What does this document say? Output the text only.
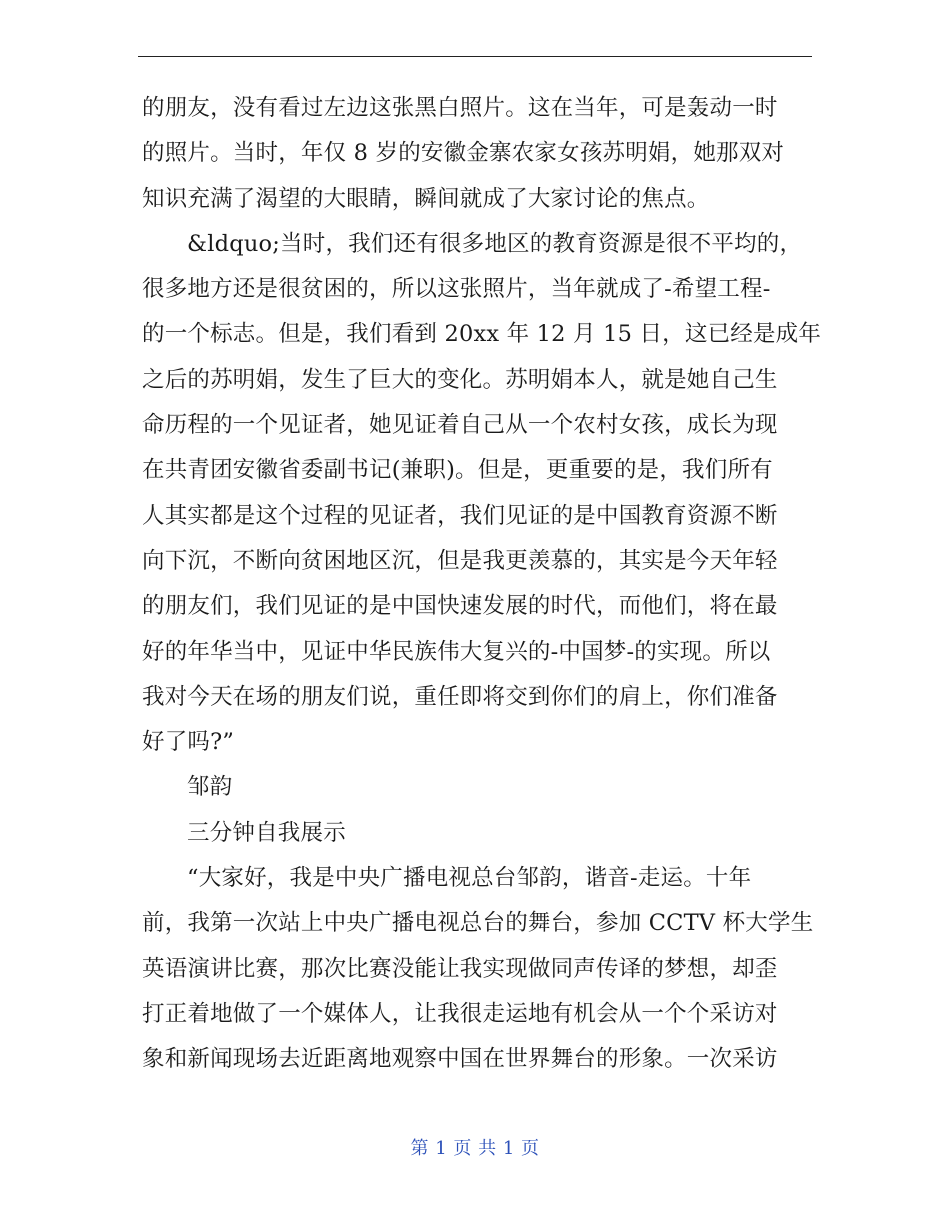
的朋友，没有看过左边这张黑白照片。这在当年，可是轰动一时
的照片。当时，年仅 8 岁的安徽金寨农家女孩苏明娟，她那双对
知识充满了渴望的大眼睛，瞬间就成了大家讨论的焦点。
&ldquo;当时，我们还有很多地区的教育资源是很不平均的，
很多地方还是很贫困的，所以这张照片，当年就成了-希望工程-
的一个标志。但是，我们看到 20xx 年 12 月 15 日，这已经是成年
之后的苏明娟，发生了巨大的变化。苏明娟本人，就是她自己生
命历程的一个见证者，她见证着自己从一个农村女孩，成长为现
在共青团安徽省委副书记(兼职)。但是，更重要的是，我们所有
人其实都是这个过程的见证者，我们见证的是中国教育资源不断
向下沉，不断向贫困地区沉，但是我更羡慕的，其实是今天年轻
的朋友们，我们见证的是中国快速发展的时代，而他们，将在最
好的年华当中，见证中华民族伟大复兴的-中国梦-的实现。所以
我对今天在场的朋友们说，重任即将交到你们的肩上，你们准备
好了吗?”
邹韵
三分钟自我展示
“大家好，我是中央广播电视总台邹韵，谐音-走运。十年
前，我第一次站上中央广播电视总台的舞台，参加 CCTV 杯大学生
英语演讲比赛，那次比赛没能让我实现做同声传译的梦想，却歪
打正着地做了一个媒体人，让我很走运地有机会从一个个采访对
象和新闻现场去近距离地观察中国在世界舞台的形象。一次采访
第 1 页 共 1 页
